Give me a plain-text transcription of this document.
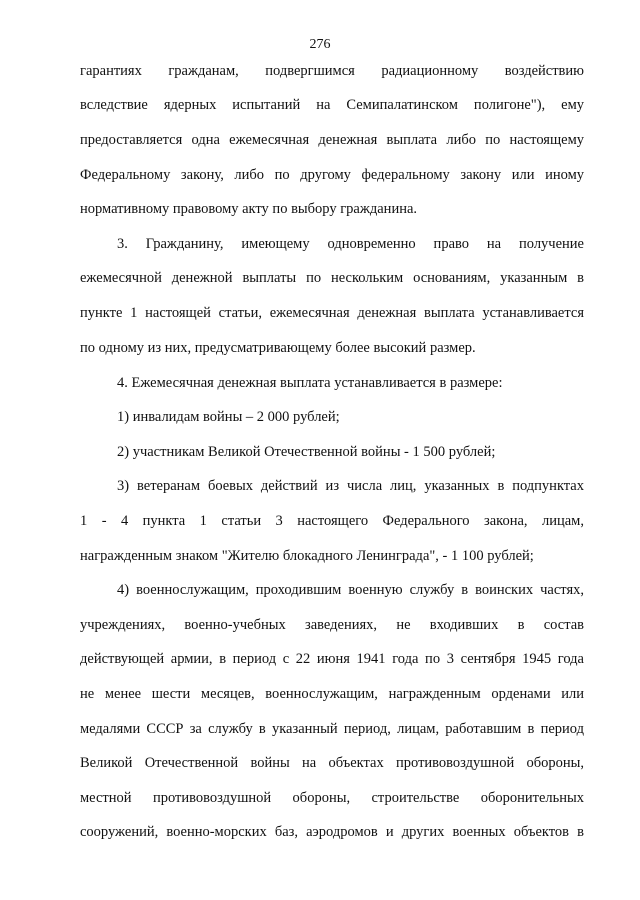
276
гарантиях гражданам, подвергшимся радиационному воздействию
вследствие ядерных испытаний на Семипалатинском полигоне"), ему
предоставляется одна ежемесячная денежная выплата либо по настоящему
Федеральному закону, либо по другому федеральному закону или иному
нормативному правовому акту по выбору гражданина.
3. Гражданину, имеющему одновременно право на получение
ежемесячной денежной выплаты по нескольким основаниям, указанным в
пункте 1 настоящей статьи, ежемесячная денежная выплата устанавливается
по одному из них, предусматривающему более высокий размер.
4. Ежемесячная денежная выплата устанавливается в размере:
1) инвалидам войны – 2 000 рублей;
2) участникам Великой Отечественной войны - 1 500 рублей;
3) ветеранам боевых действий из числа лиц, указанных в подпунктах
1 - 4 пункта 1 статьи 3 настоящего Федерального закона, лицам,
награжденным знаком "Жителю блокадного Ленинграда", - 1 100 рублей;
4) военнослужащим, проходившим военную службу в воинских частях,
учреждениях, военно-учебных заведениях, не входивших в состав
действующей армии, в период с 22 июня 1941 года по 3 сентября 1945 года
не менее шести месяцев, военнослужащим, награжденным орденами или
медалями СССР за службу в указанный период, лицам, работавшим в период
Великой Отечественной войны на объектах противовоздушной обороны,
местной противовоздушной обороны, строительстве оборонительных
сооружений, военно-морских баз, аэродромов и других военных объектов в
